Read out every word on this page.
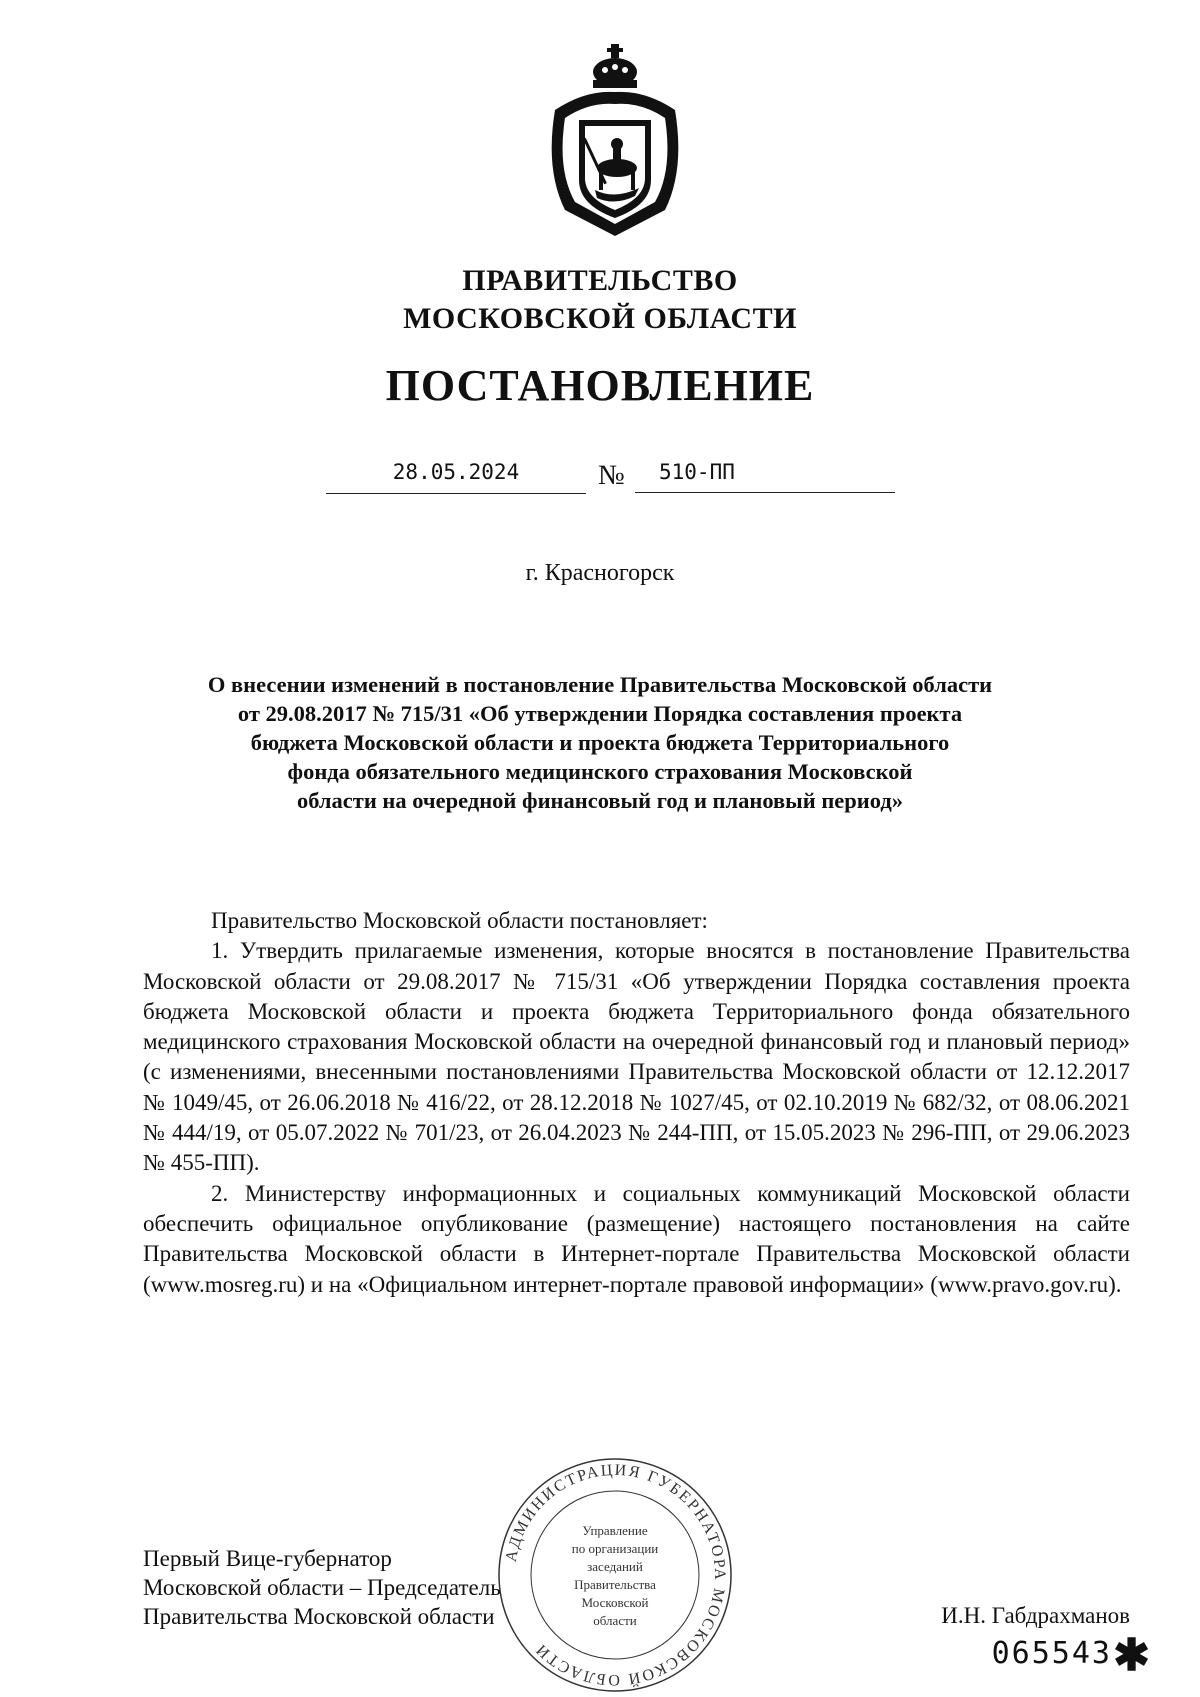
ПРАВИТЕЛЬСТВО
МОСКОВСКОЙ ОБЛАСТИ
ПОСТАНОВЛЕНИЕ
28.05.2024	№	510-ПП
г. Красногорск
О внесении изменений в постановление Правительства Московской области
от 29.08.2017 № 715/31 «Об утверждении Порядка составления проекта
бюджета Московской области и проекта бюджета Территориального
фонда обязательного медицинского страхования Московской
области на очередной финансовый год и плановый период»

Правительство Московской области постановляет:

1. Утвердить прилагаемые изменения, которые вносятся в постановление Правительства Московской области от 29.08.2017 № 715/31 «Об утверждении Порядка составления проекта бюджета Московской области и проекта бюджета Территориального фонда обязательного медицинского страхования Московской области на очередной финансовый год и плановый период» (с изменениями, внесенными постановлениями Правительства Московской области от 12.12.2017 № 1049/45, от 26.06.2018 № 416/22, от 28.12.2018 № 1027/45, от 02.10.2019 № 682/32, от 08.06.2021 № 444/19, от 05.07.2022 № 701/23, от 26.04.2023 № 244-ПП, от 15.05.2023 № 296-ПП, от 29.06.2023 № 455-ПП).

2. Министерству информационных и социальных коммуникаций Московской области обеспечить официальное опубликование (размещение) настоящего постановления на сайте Правительства Московской области в Интернет-портале Правительства Московской области (www.mosreg.ru) и на «Официальном интернет-портале правовой информации» (www.pravo.gov.ru).

АДМИНИСТРАЦИЯ ГУБЕРНАТОРА МОСКОВСКОЙ ОБЛАСТИ
Управление
по организации
заседаний
Правительства
Московской
области
Первый Вице-губернатор
Московской области – Председатель
Правительства Московской области	И.Н. Габдрахманов
065543 ✱
